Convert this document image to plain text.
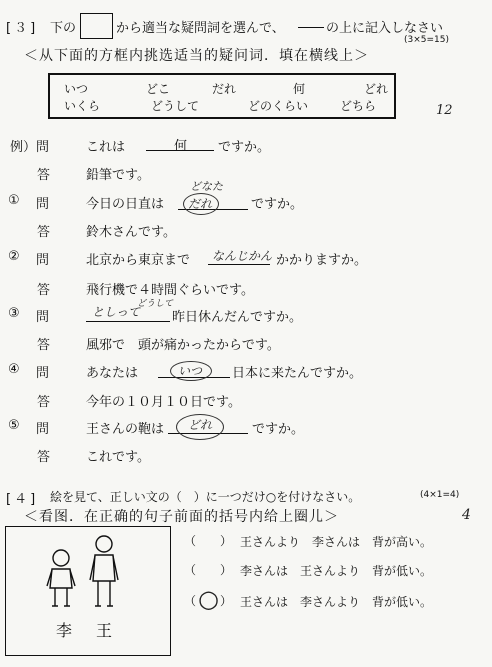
[３] 下の	から適当な疑問詞を選んで、	の上に記入しなさい
(3×5=15)
＜从下面的方框内挑选适当的疑问词．填在横线上＞
いつ	どこ	だれ	何	どれ
いくら	どうして	どのくらい	どちら	12
例）問	これは	何 ですか。
答	鉛筆です。
① 問	今日の日直は だれ
どなた
ですか。
答	鈴木さんです。
② 問	北京から東京まで なんじかん かかりますか。
答	飛行機で４時間ぐらいです。
③ 問	としって
どうして
昨日休んだんですか。
答	風邪で　頭が痛かったからです。
④ 問	あなたは	いつ 日本に来たんですか。
答	今年の１０月１０日です。
⑤ 問	王さんの鞄は どれ	ですか。
答	これです。
[４] 絵を見て、正しい文の（　）に一つだけ○を付けなさい。	(4×1=4)
＜看图．在正确的句子前面的括号内给上圈儿＞	4
李 王
（ ） 王さんより　李さんは　背が高い。
（ ） 李さんは　王さんより　背が低い。
（ ○ ） 王さんは　李さんより　背が低い。
